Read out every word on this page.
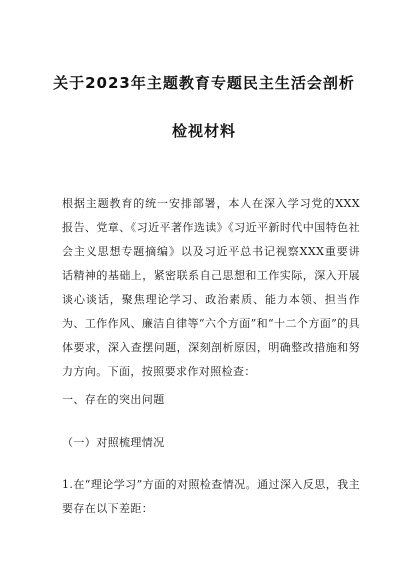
关于2023年主题教育专题民主生活会剖析
检视材料
根据主题教育的统一安排部署，本人在深入学习党的XXX报告、党章、《习近平著作选读》《习近平新时代中国特色社会主义思想专题摘编》以及习近平总书记视察XXX重要讲话精神的基础上，紧密联系自己思想和工作实际，深入开展谈心谈话，聚焦理论学习、政治素质、能力本领、担当作为、工作作风、廉洁自律等“六个方面”和“十二个方面”的具体要求，深入查摆问题，深刻剖析原因，明确整改措施和努力方向。下面，按照要求作对照检查：
一、存在的突出问题
（一）对照梳理情况
1.在“理论学习”方面的对照检查情况。通过深入反思，我主要存在以下差距：
